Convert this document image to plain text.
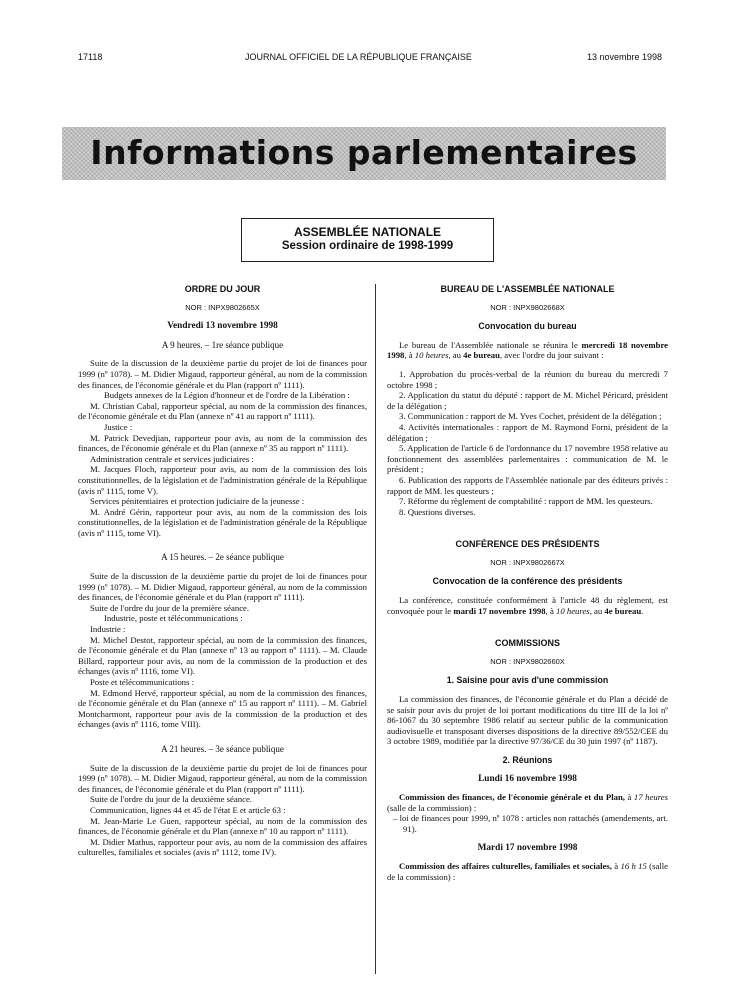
17118	JOURNAL OFFICIEL DE LA RÉPUBLIQUE FRANÇAISE	13 novembre 1998
Informations parlementaires
ASSEMBLÉE NATIONALE
Session ordinaire de 1998-1999

ORDRE DU JOUR

NOR : INPX9802665X

Vendredi 13 novembre 1998

A 9 heures. – 1re séance publique

Suite de la discussion de la deuxième partie du projet de loi de finances pour 1999 (nº 1078). – M. Didier Migaud, rapporteur général, au nom de la commission des finances, de l'économie générale et du Plan (rapport nº 1111).

Budgets annexes de la Légion d'honneur et de l'ordre de la Libération :

M. Christian Cabal, rapporteur spécial, au nom de la commission des finances, de l'économie générale et du Plan (annexe nº 41 au rapport nº 1111).

Justice :

M. Patrick Devedjian, rapporteur pour avis, au nom de la commission des finances, de l'économie générale et du Plan (annexe nº 35 au rapport nº 1111).

Administration centrale et services judiciaires :

M. Jacques Floch, rapporteur pour avis, au nom de la commission des lois constitutionnelles, de la législation et de l'administration générale de la République (avis nº 1115, tome V).

Services pénitentiaires et protection judiciaire de la jeunesse :

M. André Gérin, rapporteur pour avis, au nom de la commission des lois constitutionnelles, de la législation et de l'administration générale de la République (avis nº 1115, tome VI).

A 15 heures. – 2e séance publique

Suite de la discussion de la deuxième partie du projet de loi de finances pour 1999 (nº 1078). – M. Didier Migaud, rapporteur général, au nom de la commission des finances, de l'économie générale et du Plan (rapport nº 1111).

Suite de l'ordre du jour de la première séance.

Industrie, poste et télécommunications :

Industrie :

M. Michel Destot, rapporteur spécial, au nom de la commission des finances, de l'économie générale et du Plan (annexe nº 13 au rapport nº 1111). – M. Claude Billard, rapporteur pour avis, au nom de la commission de la production et des échanges (avis nº 1116, tome VI).

Poste et télécommunications :

M. Edmond Hervé, rapporteur spécial, au nom de la commission des finances, de l'économie générale et du Plan (annexe nº 15 au rapport nº 1111). – M. Gabriel Montcharmont, rapporteur pour avis de la commission de la production et des échanges (avis nº 1116, tome VIII).

A 21 heures. – 3e séance publique

Suite de la discussion de la deuxième partie du projet de loi de finances pour 1999 (nº 1078). – M. Didier Migaud, rapporteur général, au nom de la commission des finances, de l'économie générale et du Plan (rapport nº 1111).

Suite de l'ordre du jour de la deuxième séance.

Communication, lignes 44 et 45 de l'état E et article 63 :

M. Jean-Marie Le Guen, rapporteur spécial, au nom de la commission des finances, de l'économie générale et du Plan (annexe nº 10 au rapport nº 1111).

M. Didier Mathus, rapporteur pour avis, au nom de la commission des affaires culturelles, familiales et sociales (avis nº 1112, tome IV).

BUREAU DE L'ASSEMBLÉE NATIONALE

NOR : INPX9802668X

Convocation du bureau

Le bureau de l'Assemblée nationale se réunira le mercredi 18 novembre 1998, à 10 heures, au 4e bureau, avec l'ordre du jour suivant :

1. Approbation du procès-verbal de la réunion du bureau du mercredi 7 octobre 1998 ;

2. Application du statut du député : rapport de M. Michel Péricard, président de la délégation ;

3. Communication : rapport de M. Yves Cochet, président de la délégation ;

4. Activités internationales : rapport de M. Raymond Forni, président de la délégation ;

5. Application de l'article 6 de l'ordonnance du 17 novembre 1958 relative au fonctionnement des assemblées parlementaires : communication de M. le président ;

6. Publication des rapports de l'Assemblée nationale par des éditeurs privés : rapport de MM. les questeurs ;

7. Réforme du règlement de comptabilité : rapport de MM. les questeurs.

8. Questions diverses.

CONFÉRENCE DES PRÉSIDENTS

NOR : INPX9802667X

Convocation de la conférence des présidents

La conférence, constituée conformément à l'article 48 du règlement, est convoquée pour le mardi 17 novembre 1998, à 10 heures, au 4e bureau.

COMMISSIONS

NOR : INPX9802660X

1. Saisine pour avis d'une commission

La commission des finances, de l'économie générale et du Plan a décidé de se saisir pour avis du projet de loi portant modifications du titre III de la loi nº 86-1067 du 30 septembre 1986 relatif au secteur public de la communication audiovisuelle et transposant diverses dispositions de la directive 89/552/CEE du 3 octobre 1989, modifiée par la directive 97/36/CE du 30 juin 1997 (nº 1187).

2. Réunions

Lundi 16 novembre 1998

Commission des finances, de l'économie générale et du Plan, à 17 heures (salle de la commission) :

– loi de finances pour 1999, nº 1078 : articles non rattachés (amendements, art. 91).

Mardi 17 novembre 1998

Commission des affaires culturelles, familiales et sociales, à 16 h 15 (salle de la commission) :
